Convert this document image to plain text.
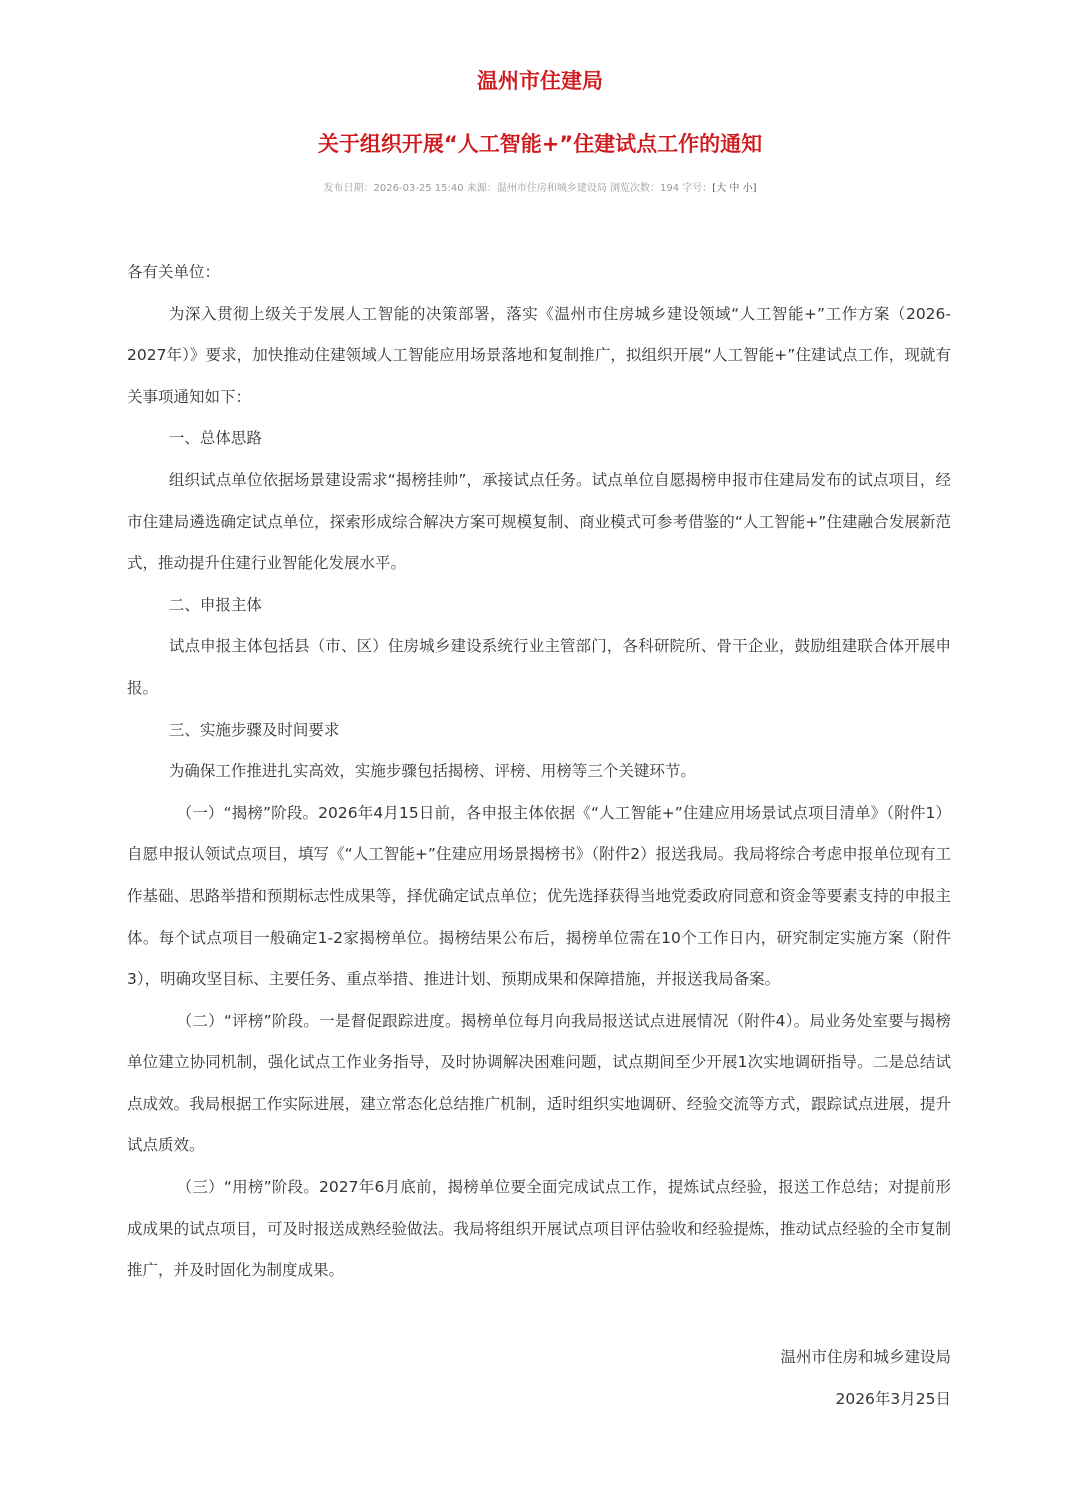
温州市住建局
关于组织开展“人工智能+”住建试点工作的通知
发布日期：2026-03-25 15:40 来源：温州市住房和城乡建设局 浏览次数：194 字号：[大 中 小]

各有关单位：

为深入贯彻上级关于发展人工智能的决策部署，落实《温州市住房城乡建设领域“人工智能+”工作方案（2026-2027年）》要求，加快推动住建领域人工智能应用场景落地和复制推广，拟组织开展“人工智能+”住建试点工作，现就有关事项通知如下：

一、总体思路

组织试点单位依据场景建设需求“揭榜挂帅”，承接试点任务。试点单位自愿揭榜申报市住建局发布的试点项目，经市住建局遴选确定试点单位，探索形成综合解决方案可规模复制、商业模式可参考借鉴的“人工智能+”住建融合发展新范式，推动提升住建行业智能化发展水平。

二、申报主体

试点申报主体包括县（市、区）住房城乡建设系统行业主管部门，各科研院所、骨干企业，鼓励组建联合体开展申报。

三、实施步骤及时间要求

为确保工作推进扎实高效，实施步骤包括揭榜、评榜、用榜等三个关键环节。

（一）“揭榜”阶段。2026年4月15日前，各申报主体依据《“人工智能+”住建应用场景试点项目清单》（附件1）自愿申报认领试点项目，填写《“人工智能+”住建应用场景揭榜书》（附件2）报送我局。我局将综合考虑申报单位现有工作基础、思路举措和预期标志性成果等，择优确定试点单位；优先选择获得当地党委政府同意和资金等要素支持的申报主体。每个试点项目一般确定1-2家揭榜单位。揭榜结果公布后，揭榜单位需在10个工作日内，研究制定实施方案（附件3），明确攻坚目标、主要任务、重点举措、推进计划、预期成果和保障措施，并报送我局备案。

（二）“评榜”阶段。一是督促跟踪进度。揭榜单位每月向我局报送试点进展情况（附件4）。局业务处室要与揭榜单位建立协同机制，强化试点工作业务指导，及时协调解决困难问题，试点期间至少开展1次实地调研指导。二是总结试点成效。我局根据工作实际进展，建立常态化总结推广机制，适时组织实地调研、经验交流等方式，跟踪试点进展，提升试点质效。

（三）“用榜”阶段。2027年6月底前，揭榜单位要全面完成试点工作，提炼试点经验，报送工作总结；对提前形成成果的试点项目，可及时报送成熟经验做法。我局将组织开展试点项目评估验收和经验提炼，推动试点经验的全市复制推广，并及时固化为制度成果。

温州市住房和城乡建设局
2026年3月25日
